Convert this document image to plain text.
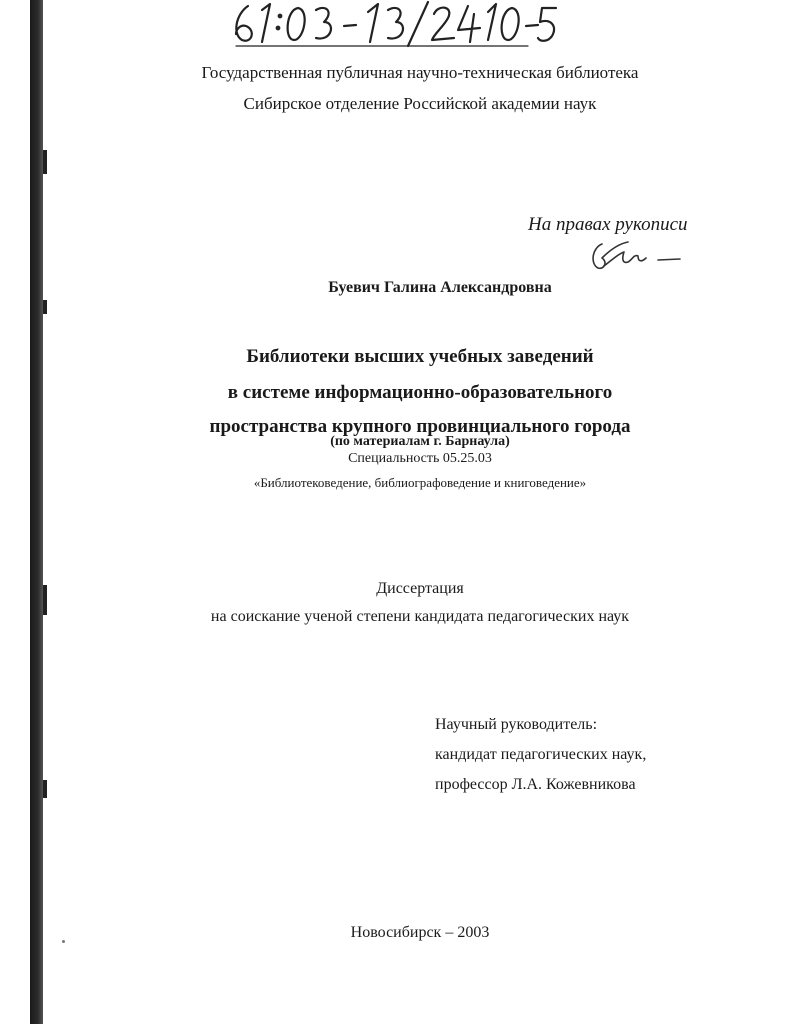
Государственная публичная научно-техническая библиотека
Сибирское отделение Российской академии наук
На правах рукописи
Буевич Галина Александровна
Библиотеки высших учебных заведений
в системе информационно-образовательного
пространства крупного провинциального города
(по материалам г. Барнаула)
Специальность 05.25.03
«Библиотековедение, библиографоведение и книговедение»
Диссертация
на соискание ученой степени кандидата педагогических наук
Научный руководитель:
кандидат педагогических наук,
профессор Л.А. Кожевникова
Новосибирск – 2003
